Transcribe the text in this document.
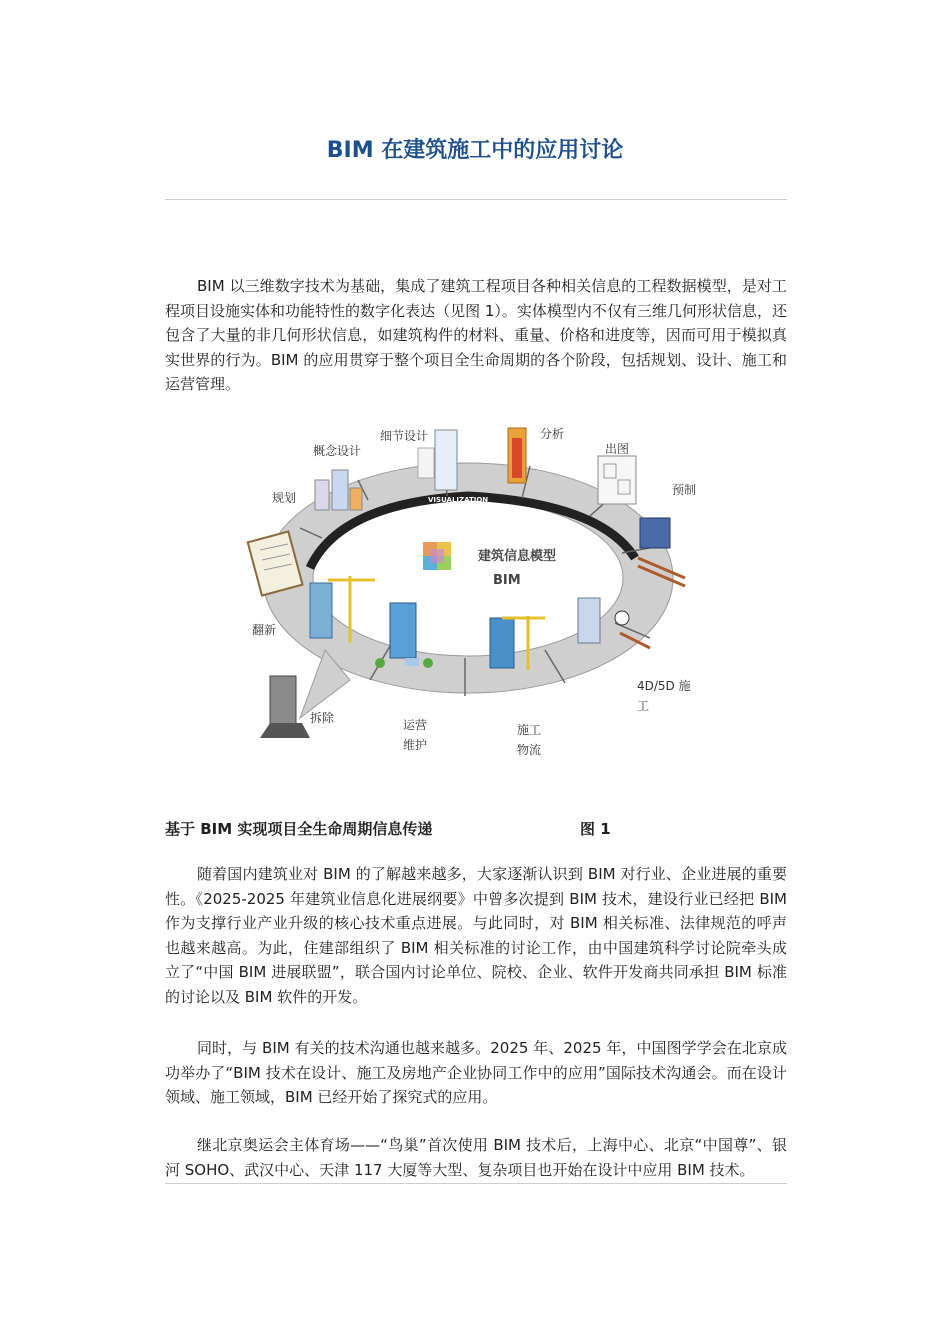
BIM 在建筑施工中的应用讨论

BIM 以三维数字技术为基础，集成了建筑工程项目各种相关信息的工程数据模型，是对工程项目设施实体和功能特性的数字化表达（见图 1）。实体模型内不仅有三维几何形状信息，还包含了大量的非几何形状信息，如建筑构件的材料、重量、价格和进度等，因而可用于模拟真实世界的行为。BIM 的应用贯穿于整个项目全生命周期的各个阶段，包括规划、设计、施工和运营管理。

VISUALIZATION
建筑信息模型
BIM
规划
概念设计
细节设计	分析
出图
预制
4D/5D 施
工
施工
物流
运营
维护
拆除
翻新
基于 BIM 实现项目全生命周期信息传递	图 1

随着国内建筑业对 BIM 的了解越来越多，大家逐渐认识到 BIM 对行业、企业进展的重要性。《2025-2025 年建筑业信息化进展纲要》中曾多次提到 BIM 技术，建设行业已经把 BIM 作为支撑行业产业升级的核心技术重点进展。与此同时，对 BIM 相关标准、法律规范的呼声也越来越高。为此，住建部组织了 BIM 相关标准的讨论工作，由中国建筑科学讨论院牵头成立了“中国 BIM 进展联盟”，联合国内讨论单位、院校、企业、软件开发商共同承担 BIM 标准的讨论以及 BIM 软件的开发。

同时，与 BIM 有关的技术沟通也越来越多。2025 年、2025 年，中国图学学会在北京成功举办了“BIM 技术在设计、施工及房地产企业协同工作中的应用”国际技术沟通会。而在设计领域、施工领域，BIM 已经开始了探究式的应用。

继北京奥运会主体育场——“鸟巢”首次使用 BIM 技术后，上海中心、北京“中国尊”、银河 SOHO、武汉中心、天津 117 大厦等大型、复杂项目也开始在设计中应用 BIM 技术。
